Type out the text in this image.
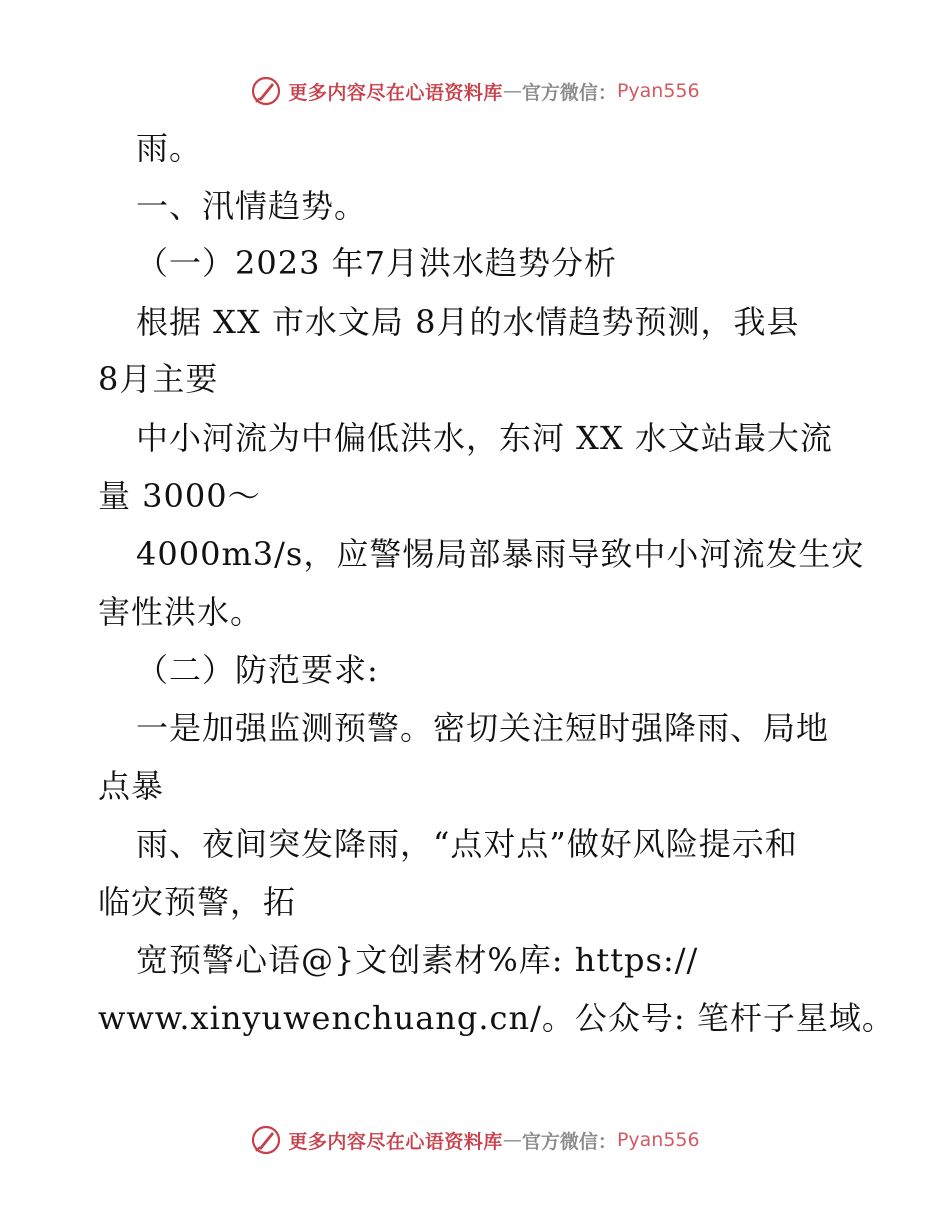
更多内容尽在心语资料库 — 官方微信： Pyan556
雨。
一、汛情趋势。
（一）2023 年7月洪水趋势分析
根据 XX 市水文局 8月的水情趋势预测，我县
8月主要
中小河流为中偏低洪水，东河 XX 水文站最大流
量 3000～
4000m3/s，应警惕局部暴雨导致中小河流发生灾
害性洪水。
（二）防范要求:
一是加强监测预警。密切关注短时强降雨、局地
点暴
雨、夜间突发降雨，“点对点”做好风险提示和
临灾预警，拓
宽预警心语@}文创素材%库: https://
www.xinyuwenchuang.cn/。公众号: 笔杆子星域。
更多内容尽在心语资料库 — 官方微信： Pyan556
